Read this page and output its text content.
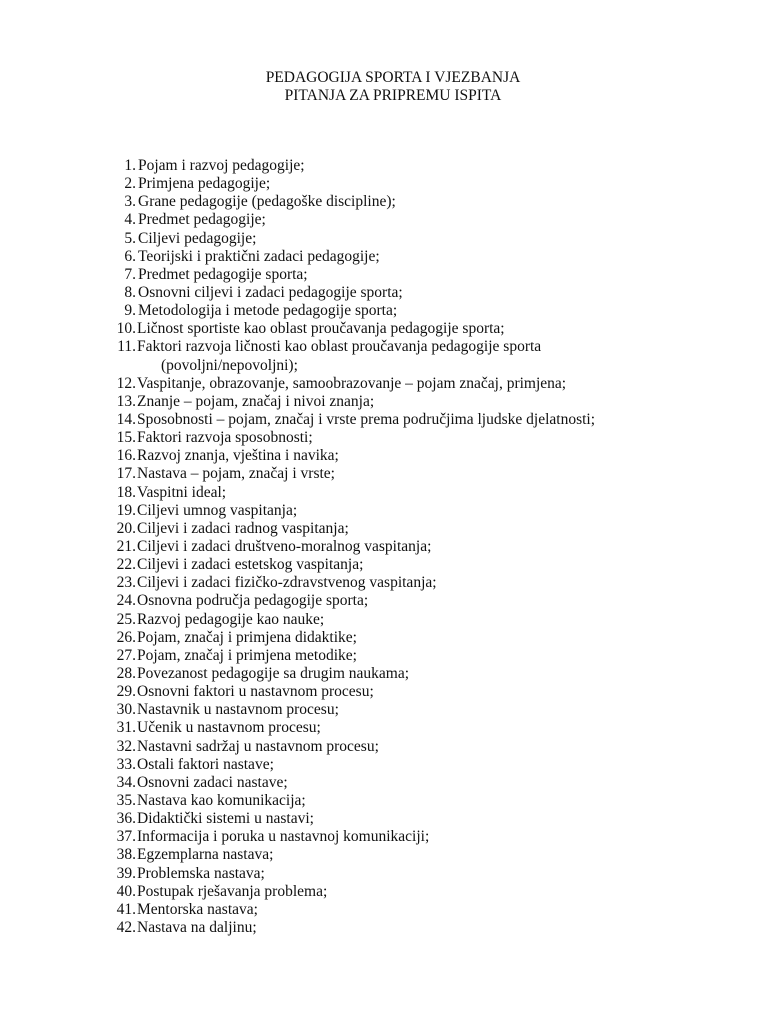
PEDAGOGIJA SPORTA I VJEZBANJA
PITANJA ZA PRIPREMU ISPITA
1. Pojam i razvoj pedagogije;
2. Primjena pedagogije;
3. Grane pedagogije (pedagoške discipline);
4. Predmet pedagogije;
5. Ciljevi pedagogije;
6. Teorijski i praktični zadaci pedagogije;
7. Predmet pedagogije sporta;
8. Osnovni ciljevi i zadaci pedagogije sporta;
9. Metodologija i metode pedagogije sporta;
10. Ličnost sportiste kao oblast proučavanja pedagogije sporta;
11. Faktori razvoja ličnosti kao oblast proučavanja pedagogije sporta
(povoljni/nepovoljni);
12. Vaspitanje, obrazovanje, samoobrazovanje – pojam značaj, primjena;
13. Znanje – pojam, značaj i nivoi znanja;
14. Sposobnosti – pojam, značaj i vrste prema područjima ljudske djelatnosti;
15. Faktori razvoja sposobnosti;
16. Razvoj znanja, vještina i navika;
17. Nastava – pojam, značaj i vrste;
18. Vaspitni ideal;
19. Ciljevi umnog vaspitanja;
20. Ciljevi i zadaci radnog vaspitanja;
21. Ciljevi i zadaci društveno-moralnog vaspitanja;
22. Ciljevi i zadaci estetskog vaspitanja;
23. Ciljevi i zadaci fizičko-zdravstvenog vaspitanja;
24. Osnovna područja pedagogije sporta;
25. Razvoj pedagogije kao nauke;
26. Pojam, značaj i primjena didaktike;
27. Pojam, značaj i primjena metodike;
28. Povezanost pedagogije sa drugim naukama;
29. Osnovni faktori u nastavnom procesu;
30. Nastavnik u nastavnom procesu;
31. Učenik u nastavnom procesu;
32. Nastavni sadržaj u nastavnom procesu;
33. Ostali faktori nastave;
34. Osnovni zadaci nastave;
35. Nastava kao komunikacija;
36. Didaktički sistemi u nastavi;
37. Informacija i poruka u nastavnoj komunikaciji;
38. Egzemplarna nastava;
39. Problemska nastava;
40. Postupak rješavanja problema;
41. Mentorska nastava;
42. Nastava na daljinu;
